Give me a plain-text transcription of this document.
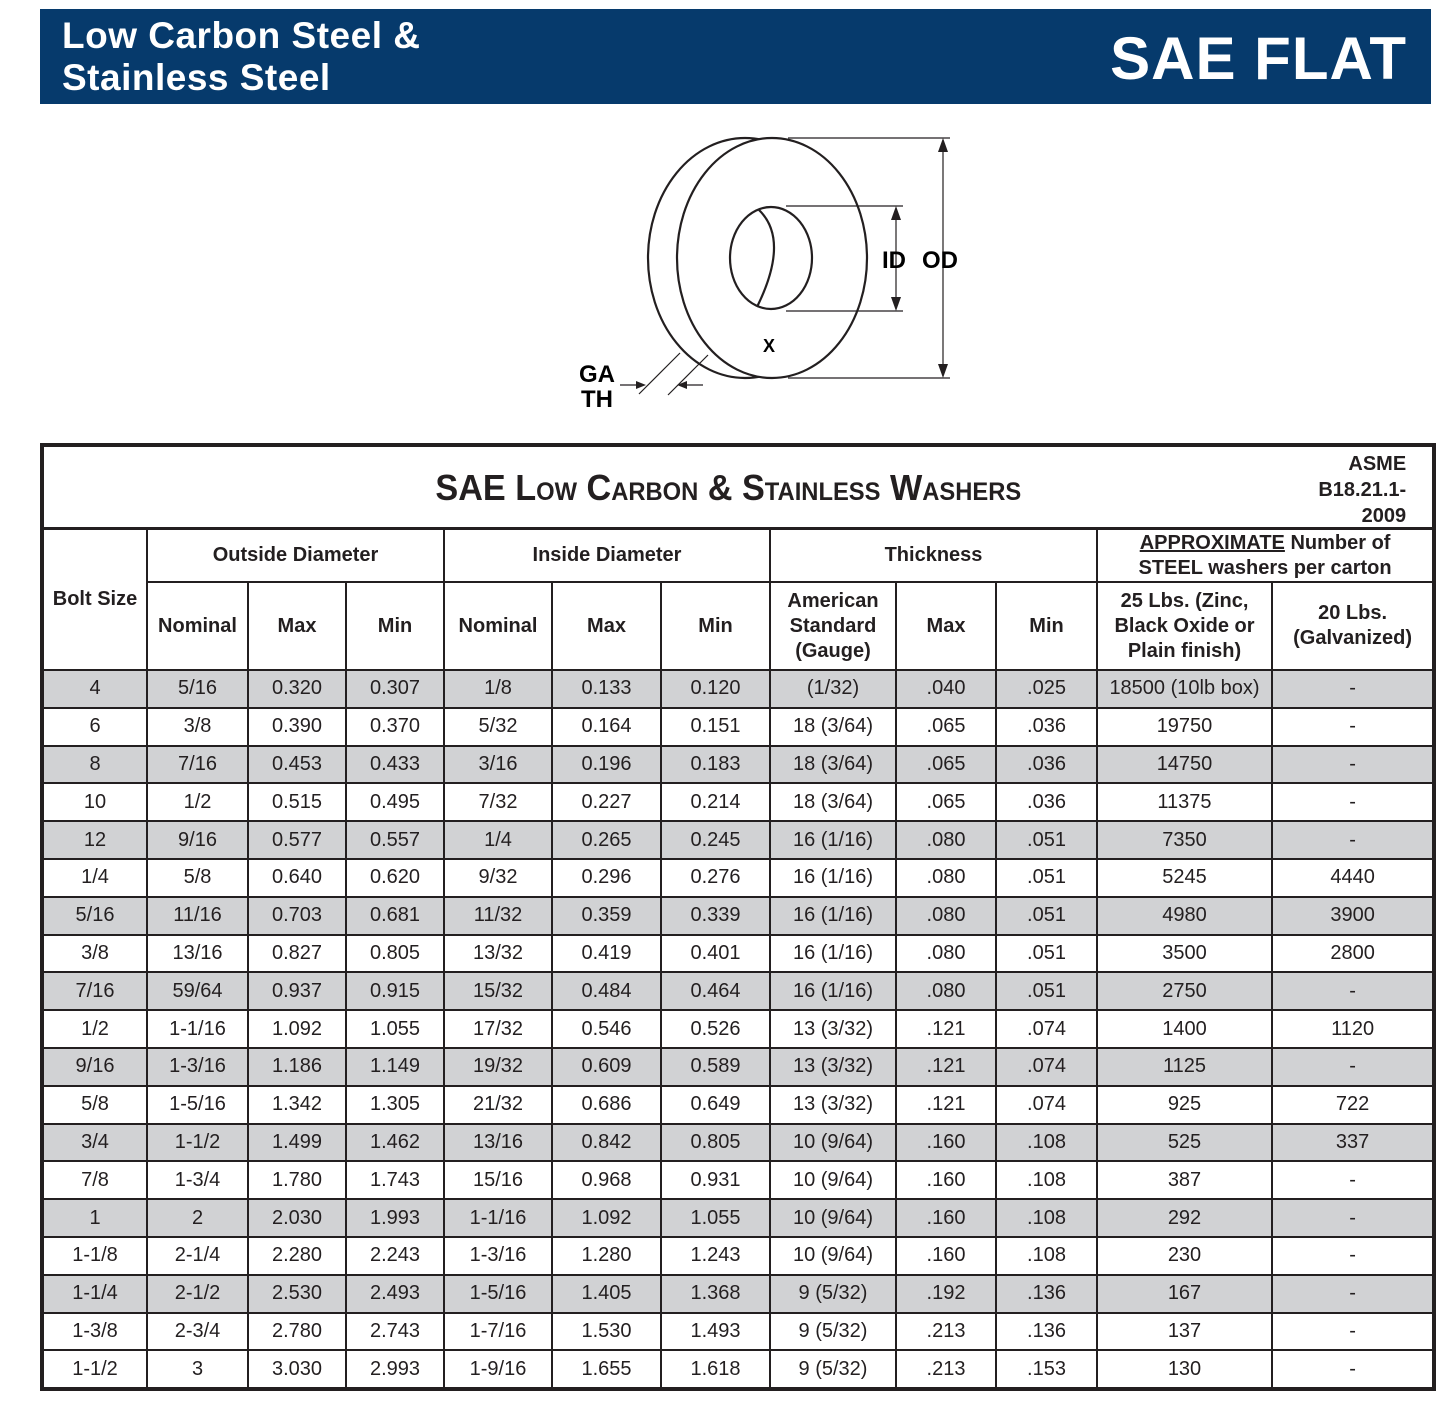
Low Carbon Steel &
Stainless Steel	SAE FLAT
ID OD
X
GA
TH
SAE Low Carbon & Stainless Washers
ASME
B18.21.1-
2009											

Bolt Size	Outside Diameter			Inside Diameter			Thickness			APPROXIMATE Number of STEEL washers per carton	
	Nominal	Max	Min	Nominal	Max	Min	American Standard (Gauge)	Max	Min	25 Lbs. (Zinc, Black Oxide or Plain finish)	20 Lbs. (Galvanized)
4	5/16	0.320	0.307	1/8	0.133	0.120	(1/32)	.040	.025	18500 (10lb box)	-
6	3/8	0.390	0.370	5/32	0.164	0.151	18 (3/64)	.065	.036	19750	-
8	7/16	0.453	0.433	3/16	0.196	0.183	18 (3/64)	.065	.036	14750	-
10	1/2	0.515	0.495	7/32	0.227	0.214	18 (3/64)	.065	.036	11375	-
12	9/16	0.577	0.557	1/4	0.265	0.245	16 (1/16)	.080	.051	7350	-
1/4	5/8	0.640	0.620	9/32	0.296	0.276	16 (1/16)	.080	.051	5245	4440
5/16	11/16	0.703	0.681	11/32	0.359	0.339	16 (1/16)	.080	.051	4980	3900
3/8	13/16	0.827	0.805	13/32	0.419	0.401	16 (1/16)	.080	.051	3500	2800
7/16	59/64	0.937	0.915	15/32	0.484	0.464	16 (1/16)	.080	.051	2750	-
1/2	1-1/16	1.092	1.055	17/32	0.546	0.526	13 (3/32)	.121	.074	1400	1120
9/16	1-3/16	1.186	1.149	19/32	0.609	0.589	13 (3/32)	.121	.074	1125	-
5/8	1-5/16	1.342	1.305	21/32	0.686	0.649	13 (3/32)	.121	.074	925	722
3/4	1-1/2	1.499	1.462	13/16	0.842	0.805	10 (9/64)	.160	.108	525	337
7/8	1-3/4	1.780	1.743	15/16	0.968	0.931	10 (9/64)	.160	.108	387	-
1	2	2.030	1.993	1-1/16	1.092	1.055	10 (9/64)	.160	.108	292	-
1-1/8	2-1/4	2.280	2.243	1-3/16	1.280	1.243	10 (9/64)	.160	.108	230	-
1-1/4	2-1/2	2.530	2.493	1-5/16	1.405	1.368	9 (5/32)	.192	.136	167	-
1-3/8	2-3/4	2.780	2.743	1-7/16	1.530	1.493	9 (5/32)	.213	.136	137	-
1-1/2	3	3.030	2.993	1-9/16	1.655	1.618	9 (5/32)	.213	.153	130	-
